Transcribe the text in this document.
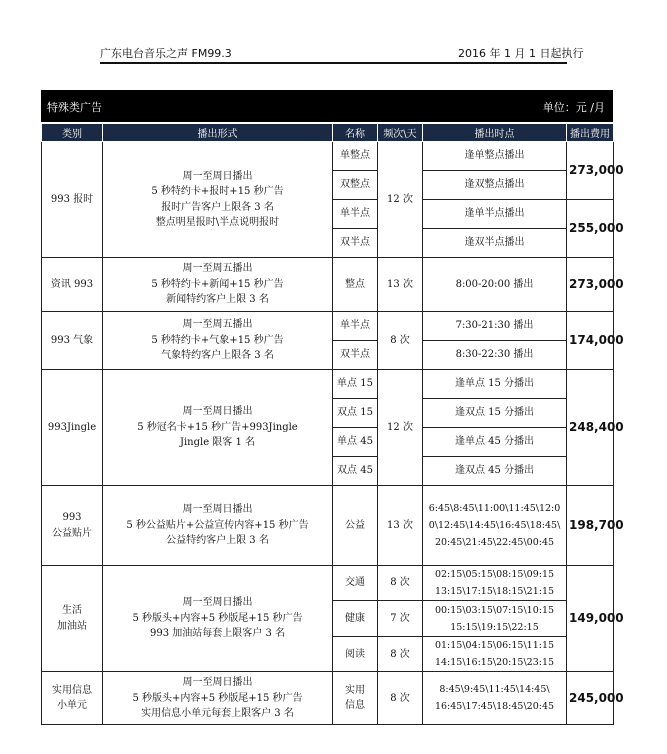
广东电台音乐之声 FM99.3	2016 年 1 月 1 日起执行
特殊类广告	单位：元 /月
类别	播出形式	名称	频次\天	播出时点	播出费用

993 报时	周一至周日播出
5 秒特约卡+报时+15 秒广告
报时广告客户上限各 3 名
整点明星报时\半点说明报时	单整点	12 次	逢单整点播出	273,000

		双整点		逢双整点播出	

		单半点		逢单半点播出	255,000

		双半点		逢双半点播出	

资讯 993	周一至周五播出
5 秒特约卡+新闻+15 秒广告
新闻特约客户上限 3 名	整点	13 次	8:00-20:00 播出	273,000

993 气象	周一至周五播出
5 秒特约卡+气象+15 秒广告
气象特约客户上限各 3 名	单半点	8 次	7:30-21:30 播出	174,000

		双半点		8:30-22:30 播出	

993Jingle	周一至周日播出
5 秒冠名卡+15 秒广告+993Jingle
Jingle 限客 1 名	单点 15	12 次	逢单点 15 分播出	248,400

		双点 15		逢双点 15 分播出	

		单点 45		逢单点 45 分播出	

		双点 45		逢双点 45 分播出	

993
公益贴片	周一至周日播出
5 秒公益贴片+公益宣传内容+15 秒广告
公益特约客户上限 3 名	公益	13 次	6:45\8:45\11:00\11:45\12:0
0\12:45\14:45\16:45\18:45\
20:45\21:45\22:45\00:45	198,700

生活
加油站	周一至周日播出
5 秒版头+内容+5 秒版尾+15 秒广告
993 加油站每套上限客户 3 名	交通	8 次	02:15\05:15\08:15\09:15
13:15\17:15\18:15\21:15	149,000

		健康	7 次	00:15\03:15\07:15\10:15
15:15\19:15\22:15	

		阅读	8 次	01:15\04:15\06:15\11:15
14:15\16:15\20:15\23:15	

实用信息
小单元	周一至周日播出
5 秒版头+内容+5 秒版尾+15 秒广告
实用信息小单元每套上限客户 3 名	实用
信息	8 次	8:45\9:45\11:45\14:45\
16:45\17:45\18:45\20:45	245,000
